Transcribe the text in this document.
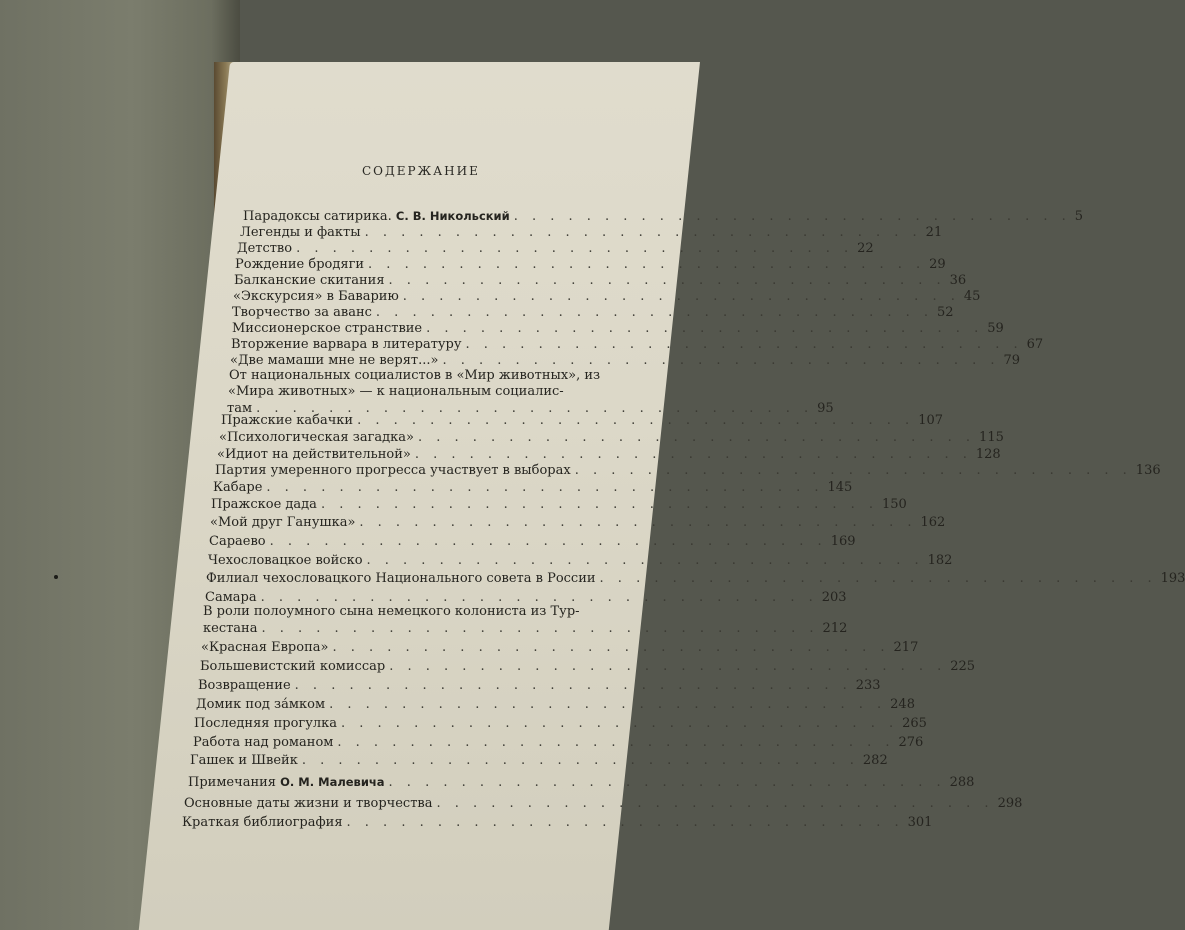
СОДЕРЖАНИЕ
Парадоксы сатирика. С. В. Никольский . . . . . . . . . . . . . . . . . . . . . . . . . . . . . . . 5
Легенды и факты . . . . . . . . . . . . . . . . . . . . . . . . . . . . . . . 21
Детство . . . . . . . . . . . . . . . . . . . . . . . . . . . . . . . 22
Рождение бродяги . . . . . . . . . . . . . . . . . . . . . . . . . . . . . . . 29
Балканские скитания . . . . . . . . . . . . . . . . . . . . . . . . . . . . . . . 36
«Экскурсия» в Баварию . . . . . . . . . . . . . . . . . . . . . . . . . . . . . . . 45
Творчество за аванс . . . . . . . . . . . . . . . . . . . . . . . . . . . . . . . 52
Миссионерское странствие . . . . . . . . . . . . . . . . . . . . . . . . . . . . . . . 59
Вторжение варвара в литературу . . . . . . . . . . . . . . . . . . . . . . . . . . . . . . . 67
«Две мамаши мне не верят...» . . . . . . . . . . . . . . . . . . . . . . . . . . . . . . . 79
От национальных социалистов в «Мир животных», из
«Мира животных» — к национальным социалис-
там . . . . . . . . . . . . . . . . . . . . . . . . . . . . . . . 95
Пражские кабачки . . . . . . . . . . . . . . . . . . . . . . . . . . . . . . . 107
«Психологическая загадка» . . . . . . . . . . . . . . . . . . . . . . . . . . . . . . . 115
«Идиот на действительной» . . . . . . . . . . . . . . . . . . . . . . . . . . . . . . . 128
Партия умеренного прогресса участвует в выборах . . . . . . . . . . . . . . . . . . . . . . . . . . . . . . . 136
Кабаре . . . . . . . . . . . . . . . . . . . . . . . . . . . . . . . 145
Пражское дада . . . . . . . . . . . . . . . . . . . . . . . . . . . . . . . 150
«Мой друг Ганушка» . . . . . . . . . . . . . . . . . . . . . . . . . . . . . . . 162
Сараево . . . . . . . . . . . . . . . . . . . . . . . . . . . . . . . 169
Чехословацкое войско . . . . . . . . . . . . . . . . . . . . . . . . . . . . . . . 182
Филиал чехословацкого Национального совета в России . . . . . . . . . . . . . . . . . . . . . . . . . . . . . . . 193
Самара . . . . . . . . . . . . . . . . . . . . . . . . . . . . . . . 203
В роли полоумного сына немецкого колониста из Тур-
кестана . . . . . . . . . . . . . . . . . . . . . . . . . . . . . . . 212
«Красная Европа» . . . . . . . . . . . . . . . . . . . . . . . . . . . . . . . 217
Большевистский комиссар . . . . . . . . . . . . . . . . . . . . . . . . . . . . . . . 225
Возвращение . . . . . . . . . . . . . . . . . . . . . . . . . . . . . . . 233
Домик под за́мком . . . . . . . . . . . . . . . . . . . . . . . . . . . . . . . 248
Последняя прогулка . . . . . . . . . . . . . . . . . . . . . . . . . . . . . . . 265
Работа над романом . . . . . . . . . . . . . . . . . . . . . . . . . . . . . . . 276
Гашек и Швейк . . . . . . . . . . . . . . . . . . . . . . . . . . . . . . . 282
Примечания О. М. Малевича . . . . . . . . . . . . . . . . . . . . . . . . . . . . . . . 288
Основные даты жизни и творчества . . . . . . . . . . . . . . . . . . . . . . . . . . . . . . . 298
Краткая библиография . . . . . . . . . . . . . . . . . . . . . . . . . . . . . . . 301
